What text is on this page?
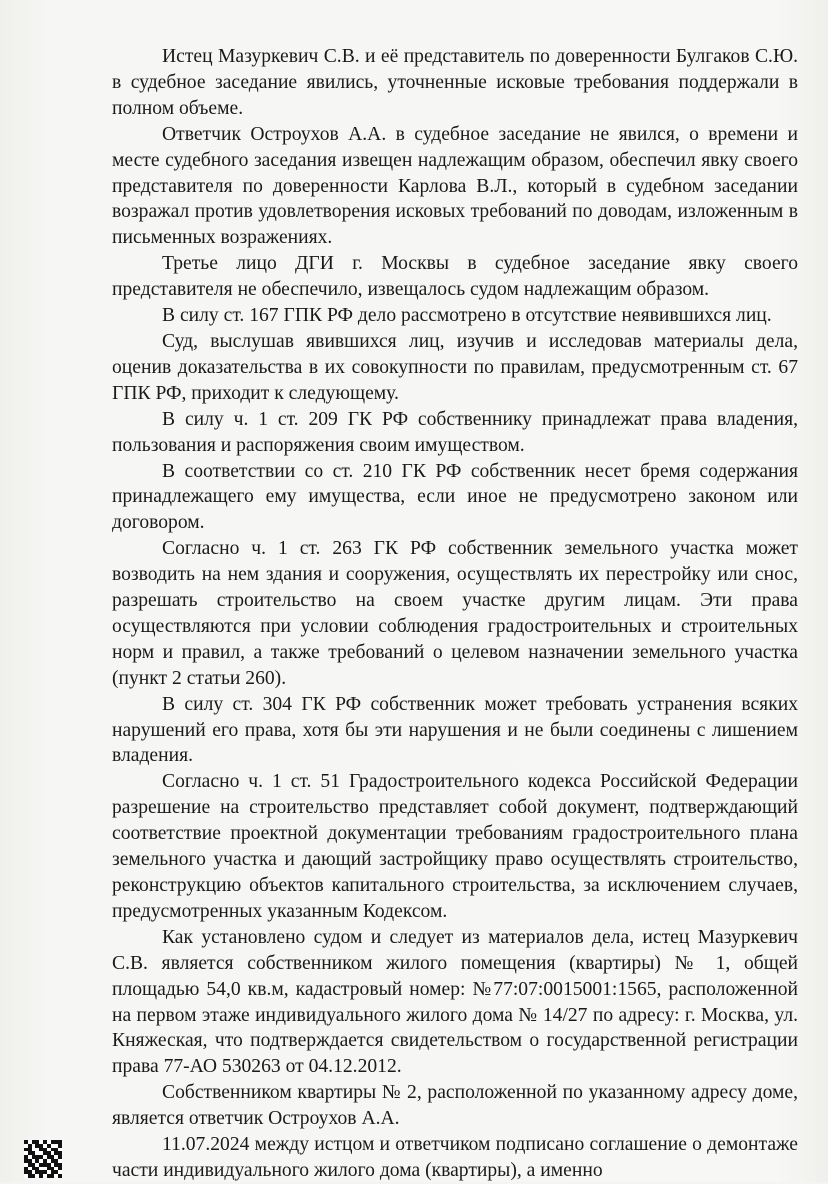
Истец Мазуркевич С.В. и её представитель по доверенности Булгаков С.Ю. в судебное заседание явились, уточненные исковые требования поддержали в полном объеме.

Ответчик Остроухов А.А. в судебное заседание не явился, о времени и месте судебного заседания извещен надлежащим образом, обеспечил явку своего представителя по доверенности Карлова В.Л., который в судебном заседании возражал против удовлетворения исковых требований по доводам, изложенным в письменных возражениях.

Третье лицо ДГИ г. Москвы в судебное заседание явку своего представителя не обеспечило, извещалось судом надлежащим образом.

В силу ст. 167 ГПК РФ дело рассмотрено в отсутствие неявившихся лиц.

Суд, выслушав явившихся лиц, изучив и исследовав материалы дела, оценив доказательства в их совокупности по правилам, предусмотренным ст. 67 ГПК РФ, приходит к следующему.

В силу ч. 1 ст. 209 ГК РФ собственнику принадлежат права владения, пользования и распоряжения своим имуществом.

В соответствии со ст. 210 ГК РФ собственник несет бремя содержания принадлежащего ему имущества, если иное не предусмотрено законом или договором.

Согласно ч. 1 ст. 263 ГК РФ собственник земельного участка может возводить на нем здания и сооружения, осуществлять их перестройку или снос, разрешать строительство на своем участке другим лицам. Эти права осуществляются при условии соблюдения градостроительных и строительных норм и правил, а также требований о целевом назначении земельного участка (пункт 2 статьи 260).

В силу ст. 304 ГК РФ собственник может требовать устранения всяких нарушений его права, хотя бы эти нарушения и не были соединены с лишением владения.

Согласно ч. 1 ст. 51 Градостроительного кодекса Российской Федерации разрешение на строительство представляет собой документ, подтверждающий соответствие проектной документации требованиям градостроительного плана земельного участка и дающий застройщику право осуществлять строительство, реконструкцию объектов капитального строительства, за исключением случаев, предусмотренных указанным Кодексом.

Как установлено судом и следует из материалов дела, истец Мазуркевич С.В. является собственником жилого помещения (квартиры) № 1, общей площадью 54,0 кв.м, кадастровый номер: №77:07:0015001:1565, расположенной на первом этаже индивидуального жилого дома № 14/27 по адресу: г. Москва, ул. Княжеская, что подтверждается свидетельством о государственной регистрации права 77-АО 530263 от 04.12.2012.

Собственником квартиры № 2, расположенной по указанному адресу доме, является ответчик Остроухов А.А.

11.07.2024 между истцом и ответчиком подписано соглашение о демонтаже части индивидуального жилого дома (квартиры), а именно
